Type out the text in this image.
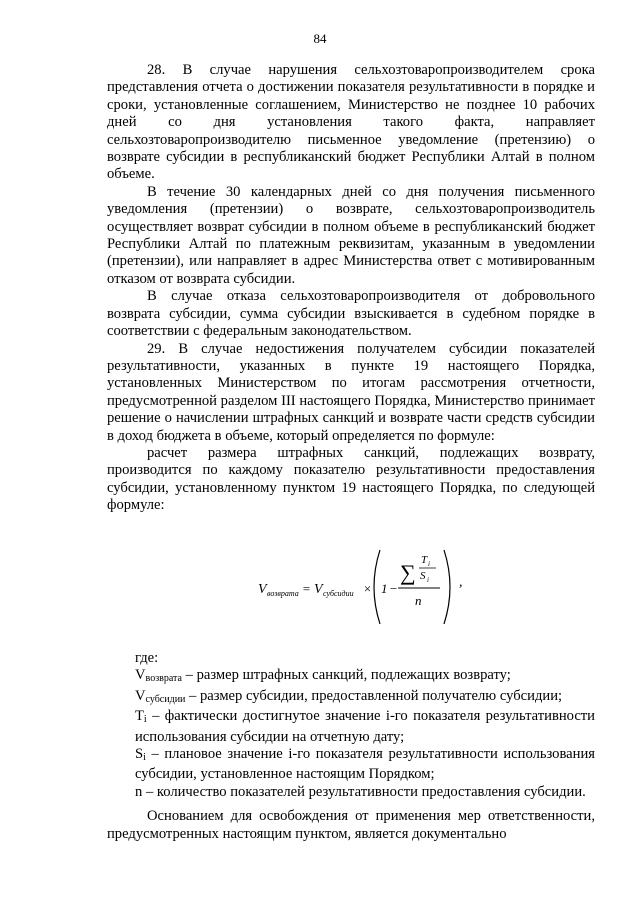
84

28. В случае нарушения сельхозтоваропроизводителем срока представления отчета о достижении показателя результативности в порядке и сроки, установленные соглашением, Министерство не позднее 10 рабочих дней со дня установления такого факта, направляет сельхозтоваропроизводителю письменное уведомление (претензию) о возврате субсидии в республиканский бюджет Республики Алтай в полном объеме.

В течение 30 календарных дней со дня получения письменного уведомления (претензии) о возврате, сельхозтоваропроизводитель осуществляет возврат субсидии в полном объеме в республиканский бюджет Республики Алтай по платежным реквизитам, указанным в уведомлении (претензии), или направляет в адрес Министерства ответ с мотивированным отказом от возврата субсидии.

В случае отказа сельхозтоваропроизводителя от добровольного возврата субсидии, сумма субсидии взыскивается в судебном порядке в соответствии с федеральным законодательством.

29. В случае недостижения получателем субсидии показателей результативности, указанных в пункте 19 настоящего Порядка, установленных Министерством по итогам рассмотрения отчетности, предусмотренной разделом III настоящего Порядка, Министерство принимает решение о начислении штрафных санкций и возврате части средств субсидии в доход бюджета в объеме, который определяется по формуле:

расчет размера штрафных санкций, подлежащих возврату, производится по каждому показателю результативности предоставления субсидии, установленному пунктом 19 настоящего Порядка, по следующей формуле:

V возврата = V субсидии × 1 −
∑ T i
S i
n
,

где:

$V_{возврата}$ – размер штрафных санкций, подлежащих возврату;

$V_{субсидии}$ – размер субсидии, предоставленной получателю субсидии;

$T_i$ – фактически достигнутое значение i-го показателя результативности использования субсидии на отчетную дату;

$S_i$ – плановое значение i-го показателя результативности использования субсидии, установленное настоящим Порядком;

n – количество показателей результативности предоставления субсидии.

Основанием для освобождения от применения мер ответственности, предусмотренных настоящим пунктом, является документально
